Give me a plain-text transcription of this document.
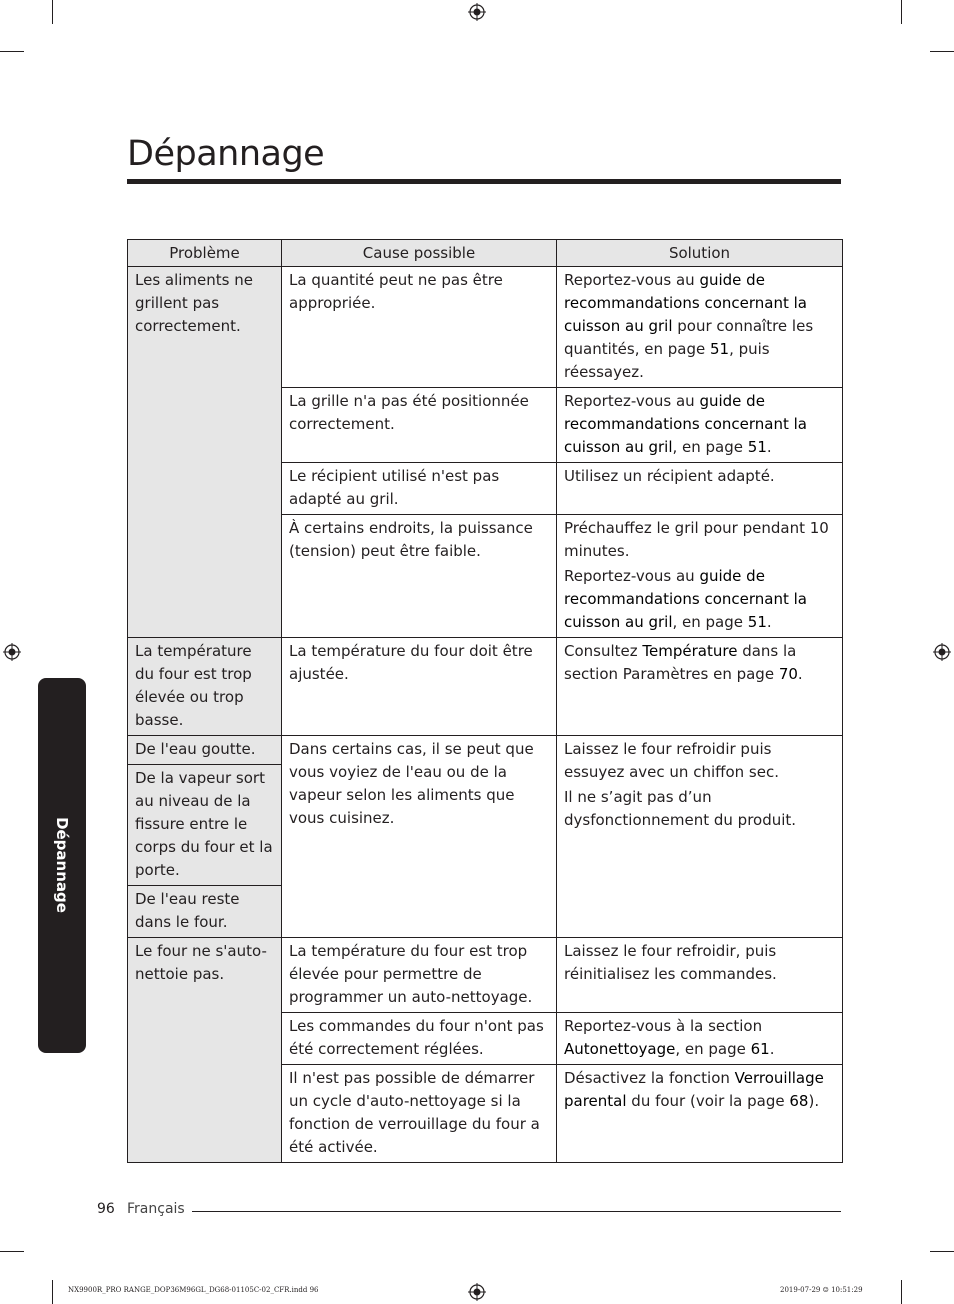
Dépannage
Dépannage
Problème	Cause possible	Solution
Les aliments ne grillent pas correctement.	La quantité peut ne pas être appropriée.	Reportez-vous au guide de recommandations concernant la cuisson au gril pour connaître les quantités, en page 51, puis réessayez.

	La grille n'a pas été positionnée correctement.	Reportez-vous au guide de recommandations concernant la cuisson au gril, en page 51.

	Le récipient utilisé n'est pas adapté au gril.	Utilisez un récipient adapté.

	À certains endroits, la puissance (tension) peut être faible.	Préchauffez le gril pour pendant 10 minutes.
Reportez-vous au guide de recommandations concernant la cuisson au gril, en page 51.

La température du four est trop élevée ou trop basse.	La température du four doit être ajustée.	Consultez Température dans la section Paramètres en page 70.

De l'eau goutte.	Dans certains cas, il se peut que vous voyiez de l'eau ou de la vapeur selon les aliments que vous cuisinez.	Laissez le four refroidir puis essuyez avec un chiffon sec.
Il ne s’agit pas d’un dysfonctionnement du produit.

De la vapeur sort au niveau de la fissure entre le corps du four et la porte.		
De l'eau reste dans le four.		
Le four ne s'auto-nettoie pas.	La température du four est trop élevée pour permettre de programmer un auto-nettoyage.	Laissez le four refroidir, puis réinitialisez les commandes.

	Les commandes du four n'ont pas été correctement réglées.	Reportez-vous à la section Autonettoyage, en page 61.

	Il n'est pas possible de démarrer un cycle d'auto-nettoyage si la fonction de verrouillage du four a été activée.	Désactivez la fonction Verrouillage parental du four (voir la page 68).
96 Français
NX9900R_PRO RANGE_DOP36M96GL_DG68-01105C-02_CFR.indd 96	2019-07-29 ☺ 10:51:29
